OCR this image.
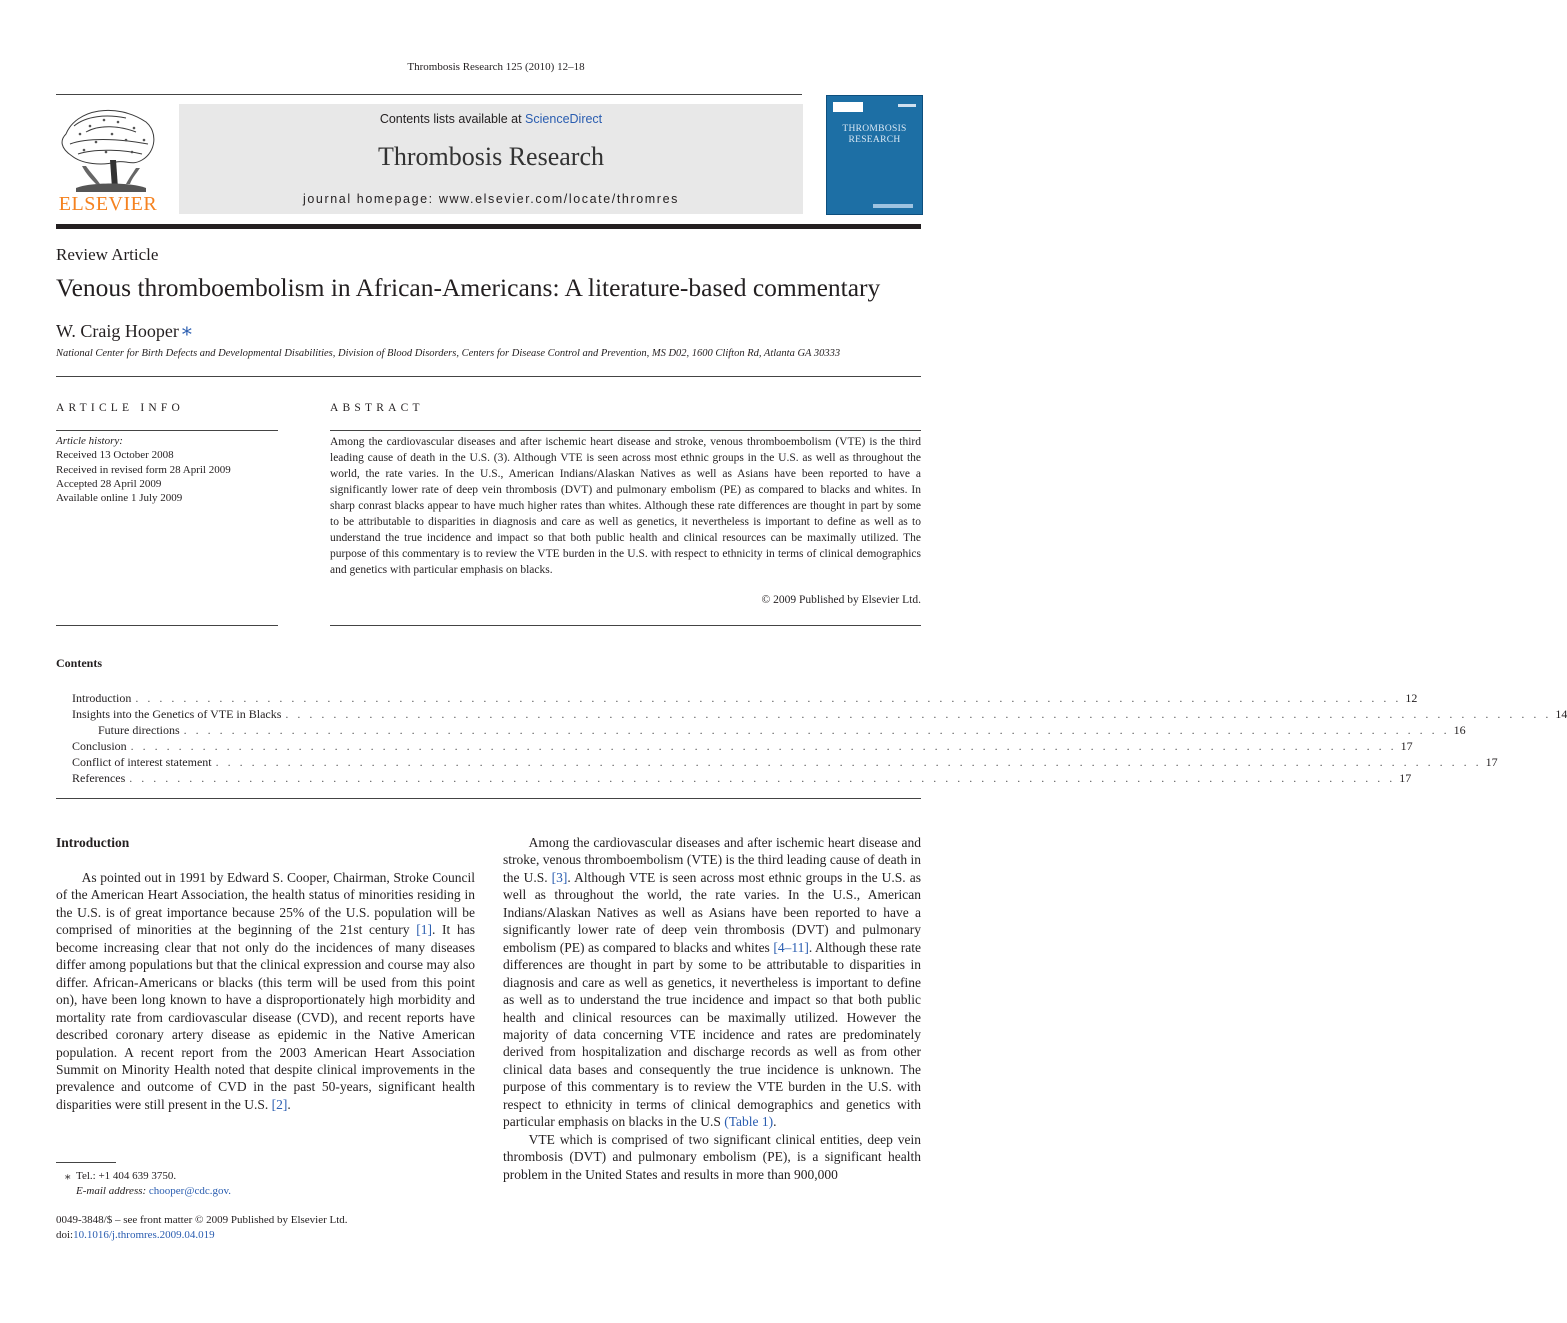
Thrombosis Research 125 (2010) 12–18
ELSEVIER
Contents lists available at ScienceDirect
Thrombosis Research
journal homepage: www.elsevier.com/locate/thromres
THROMBOSIS
RESEARCH
Review Article
Venous thromboembolism in African-Americans: A literature-based commentary
W. Craig Hooper ⁎
National Center for Birth Defects and Developmental Disabilities, Division of Blood Disorders, Centers for Disease Control and Prevention, MS D02, 1600 Clifton Rd, Atlanta GA 30333
ARTICLE INFO
Article history:
Received 13 October 2008
Received in revised form 28 April 2009
Accepted 28 April 2009
Available online 1 July 2009
ABSTRACT
Among the cardiovascular diseases and after ischemic heart disease and stroke, venous thromboembolism (VTE) is the third leading cause of death in the U.S. (3). Although VTE is seen across most ethnic groups in the U.S. as well as throughout the world, the rate varies. In the U.S., American Indians/Alaskan Natives as well as Asians have been reported to have a significantly lower rate of deep vein thrombosis (DVT) and pulmonary embolism (PE) as compared to blacks and whites. In sharp conrast blacks appear to have much higher rates than whites. Although these rate differences are thought in part by some to be attributable to disparities in diagnosis and care as well as genetics, it nevertheless is important to define as well as to understand the true incidence and impact so that both public health and clinical resources can be maximally utilized. The purpose of this commentary is to review the VTE burden in the U.S. with respect to ethnicity in terms of clinical demographics and genetics with particular emphasis on blacks.
© 2009 Published by Elsevier Ltd.
Contents
Introduction . . . . . . . . . . . . . . . . . . . . . . . . . . . . . . . . . . . . . . . . . . . . . . . . . . . . . . . . . . . . . . . . . . . . . . . . . . . . . . . . . . . . . . . . . . . . . . . . . . . . . . . . . . 12
Insights into the Genetics of VTE in Blacks . . . . . . . . . . . . . . . . . . . . . . . . . . . . . . . . . . . . . . . . . . . . . . . . . . . . . . . . . . . . . . . . . . . . . . . . . . . . . . . . . . . . . . . . . . . . . . . . . . . . . . . . . . 14
Future directions . . . . . . . . . . . . . . . . . . . . . . . . . . . . . . . . . . . . . . . . . . . . . . . . . . . . . . . . . . . . . . . . . . . . . . . . . . . . . . . . . . . . . . . . . . . . . . . . . . . . . . . . . . 16
Conclusion . . . . . . . . . . . . . . . . . . . . . . . . . . . . . . . . . . . . . . . . . . . . . . . . . . . . . . . . . . . . . . . . . . . . . . . . . . . . . . . . . . . . . . . . . . . . . . . . . . . . . . . . . . 17
Conflict of interest statement . . . . . . . . . . . . . . . . . . . . . . . . . . . . . . . . . . . . . . . . . . . . . . . . . . . . . . . . . . . . . . . . . . . . . . . . . . . . . . . . . . . . . . . . . . . . . . . . . . . . . . . . . . 17
References . . . . . . . . . . . . . . . . . . . . . . . . . . . . . . . . . . . . . . . . . . . . . . . . . . . . . . . . . . . . . . . . . . . . . . . . . . . . . . . . . . . . . . . . . . . . . . . . . . . . . . . . . . 17
Introduction

As pointed out in 1991 by Edward S. Cooper, Chairman, Stroke Council of the American Heart Association, the health status of minorities residing in the U.S. is of great importance because 25% of the U.S. population will be comprised of minorities at the beginning of the 21st century [1]. It has become increasing clear that not only do the incidences of many diseases differ among populations but that the clinical expression and course may also differ. African-Americans or blacks (this term will be used from this point on), have been long known to have a disproportionately high morbidity and mortality rate from cardiovascular disease (CVD), and recent reports have described coronary artery disease as epidemic in the Native American population. A recent report from the 2003 American Heart Association Summit on Minority Health noted that despite clinical improvements in the prevalence and outcome of CVD in the past 50-years, significant health disparities were still present in the U.S. [2].

Among the cardiovascular diseases and after ischemic heart disease and stroke, venous thromboembolism (VTE) is the third leading cause of death in the U.S. [3]. Although VTE is seen across most ethnic groups in the U.S. as well as throughout the world, the rate varies. In the U.S., American Indians/Alaskan Natives as well as Asians have been reported to have a significantly lower rate of deep vein thrombosis (DVT) and pulmonary embolism (PE) as compared to blacks and whites [4–11]. Although these rate differences are thought in part by some to be attributable to disparities in diagnosis and care as well as genetics, it nevertheless is important to define as well as to understand the true incidence and impact so that both public health and clinical resources can be maximally utilized. However the majority of data concerning VTE incidence and rates are predominately derived from hospitalization and discharge records as well as from other clinical data bases and consequently the true incidence is unknown. The purpose of this commentary is to review the VTE burden in the U.S. with respect to ethnicity in terms of clinical demographics and genetics with particular emphasis on blacks in the U.S (Table 1).

VTE which is comprised of two significant clinical entities, deep vein thrombosis (DVT) and pulmonary embolism (PE), is a significant health problem in the United States and results in more than 900,000

⁎ Tel.: +1 404 639 3750.
E-mail address: chooper@cdc.gov.
0049-3848/$ – see front matter © 2009 Published by Elsevier Ltd.
doi:10.1016/j.thromres.2009.04.019
